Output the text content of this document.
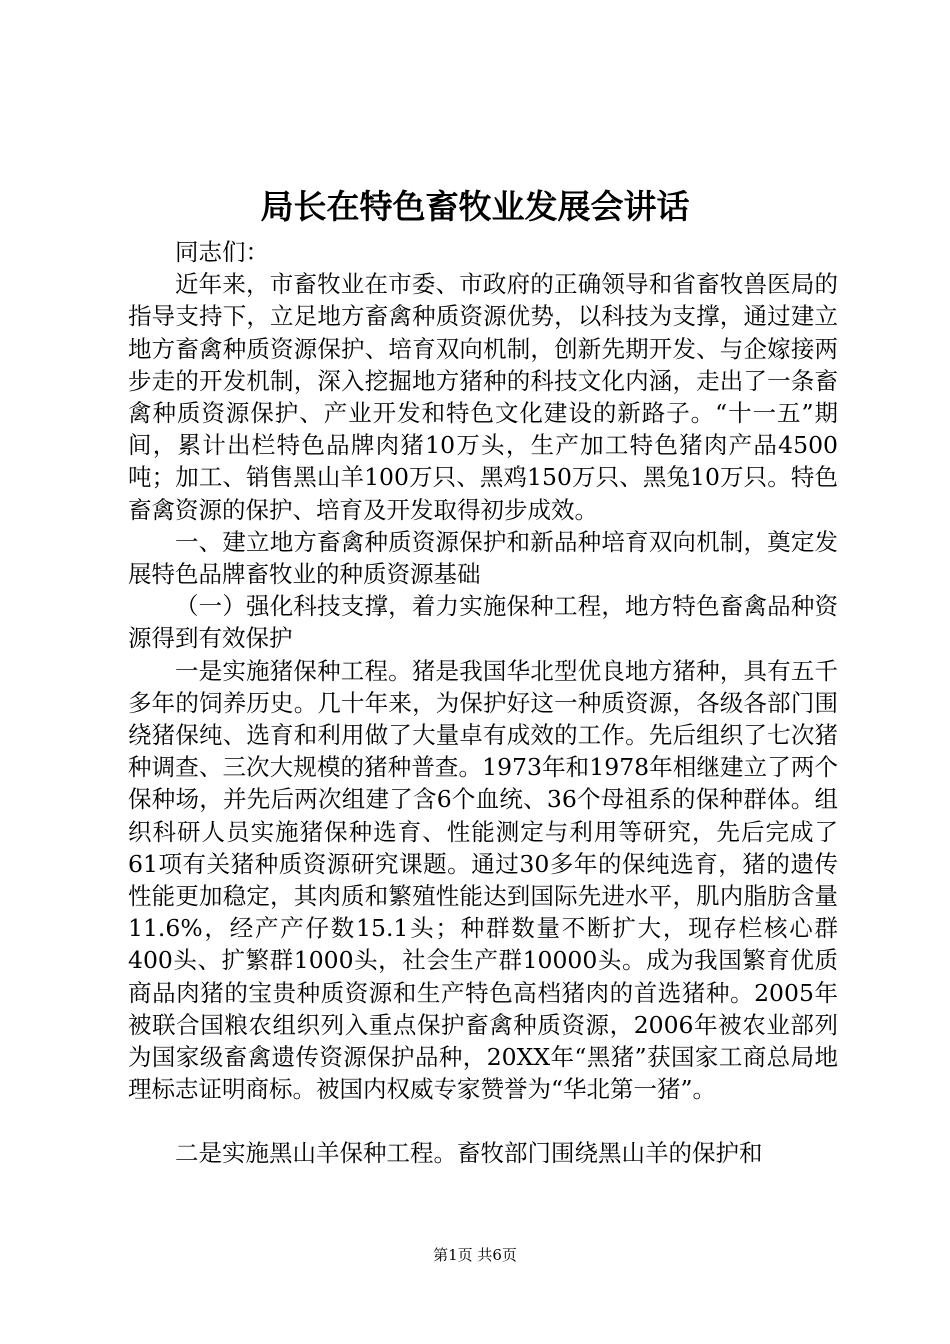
局长在特色畜牧业发展会讲话

同志们：

近年来，市畜牧业在市委、市政府的正确领导和省畜牧兽医局的指导支持下，立足地方畜禽种质资源优势，以科技为支撑，通过建立地方畜禽种质资源保护、培育双向机制，创新先期开发、与企嫁接两步走的开发机制，深入挖掘地方猪种的科技文化内涵，走出了一条畜禽种质资源保护、产业开发和特色文化建设的新路子。“十一五”期间，累计出栏特色品牌肉猪10万头，生产加工特色猪肉产品4500吨；加工、销售黑山羊100万只、黑鸡150万只、黑兔10万只。特色畜禽资源的保护、培育及开发取得初步成效。

一、建立地方畜禽种质资源保护和新品种培育双向机制，奠定发展特色品牌畜牧业的种质资源基础

（一）强化科技支撑，着力实施保种工程，地方特色畜禽品种资源得到有效保护

一是实施猪保种工程。猪是我国华北型优良地方猪种，具有五千多年的饲养历史。几十年来，为保护好这一种质资源，各级各部门围绕猪保纯、选育和利用做了大量卓有成效的工作。先后组织了七次猪种调查、三次大规模的猪种普查。1973年和1978年相继建立了两个保种场，并先后两次组建了含6个血统、36个母祖系的保种群体。组织科研人员实施猪保种选育、性能测定与利用等研究，先后完成了61项有关猪种质资源研究课题。通过30多年的保纯选育，猪的遗传性能更加稳定，其肉质和繁殖性能达到国际先进水平，肌内脂肪含量11.6%，经产产仔数15.1头；种群数量不断扩大，现存栏核心群400头、扩繁群1000头，社会生产群10000头。成为我国繁育优质商品肉猪的宝贵种质资源和生产特色高档猪肉的首选猪种。2005年被联合国粮农组织列入重点保护畜禽种质资源，2006年被农业部列为国家级畜禽遗传资源保护品种，20XX年“黑猪”获国家工商总局地理标志证明商标。被国内权威专家赞誉为“华北第一猪”。

二是实施黑山羊保种工程。畜牧部门围绕黑山羊的保护和

第1页 共6页
